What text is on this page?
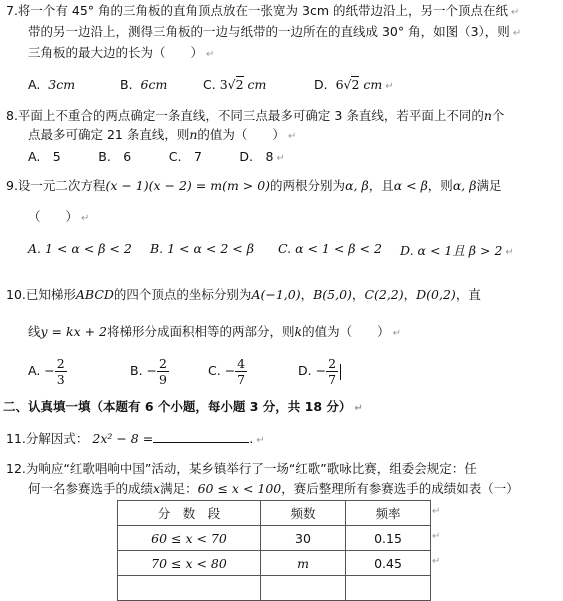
7.将一个有 45° 角的三角板的直角顶点放在一张宽为 3cm 的纸带边沿上，另一个顶点在纸 ↵
带的另一边沿上，测得三角板的一边与纸带的一边所在的直线成 30° 角，如图（3），则 ↵
三角板的最大边的长为（　　） ↵
A. 3cm	B. 6cm	C. 3√2 cm	D. 6√2 cm ↵
8.平面上不重合的两点确定一条直线，不同三点最多可确定 3 条直线，若平面上不同的n个
点最多可确定 21 条直线，则n的值为（　　） ↵
A.　5　　　B.　6　　　C.　7　　　D.　8 ↵
9.设一元二次方程(x − 1)(x − 2) = m(m > 0)的两根分别为α, β，且α < β，则α, β满足
（　　） ↵
A. 1 < α < β < 2 B. 1 < α < 2 < β C. α < 1 < β < 2 D. α < 1且 β > 2 ↵
10.已知梯形ABCD的四个顶点的坐标分别为A(−1,0)，B(5,0)，C(2,2)，D(0,2)，直
线y = kx + 2将梯形分成面积相等的两部分，则k的值为（　　） ↵
A. − $\frac{2}{3}$	B. − $\frac{2}{9}$	C. − $\frac{4}{7}$	D. − $\frac{2}{7}$
二、认真填一填（本题有 6 个小题，每小题 3 分，共 18 分） ↵
11.分解因式： 2x² − 8 =	. ↵
12.为响应“红歌唱响中国”活动，某乡镇举行了一场“红歌”歌咏比赛，组委会规定：任
何一名参赛选手的成绩x满足：60 ≤ x < 100，赛后整理所有参赛选手的成绩如表（一）
分　数　段	频数	频率
60 ≤ x < 70	30	0.15
70 ≤ x < 80	m	0.45

↵
↵
↵
